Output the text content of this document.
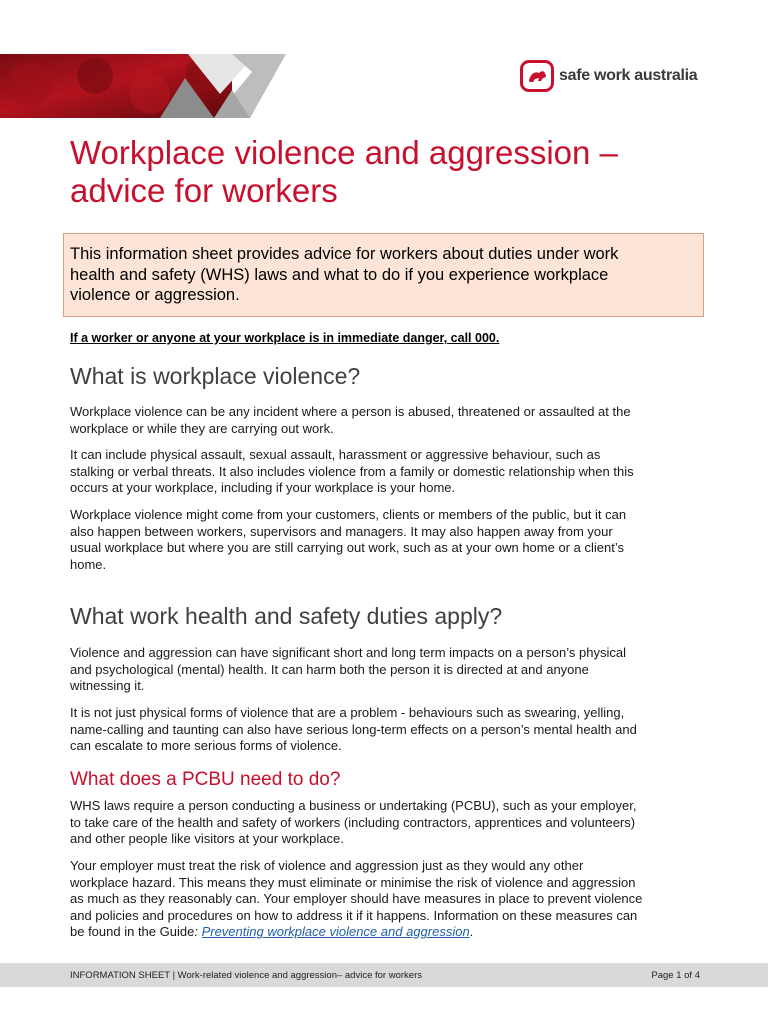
safe work australia
Workplace violence and aggression –
advice for workers
This information sheet provides advice for workers about duties under work
health and safety (WHS) laws and what to do if you experience workplace
violence or aggression.

If a worker or anyone at your workplace is in immediate danger, call 000.

What is workplace violence?

Workplace violence can be any incident where a person is abused, threatened or assaulted at the
workplace or while they are carrying out work.

It can include physical assault, sexual assault, harassment or aggressive behaviour, such as
stalking or verbal threats. It also includes violence from a family or domestic relationship when this
occurs at your workplace, including if your workplace is your home.

Workplace violence might come from your customers, clients or members of the public, but it can
also happen between workers, supervisors and managers. It may also happen away from your
usual workplace but where you are still carrying out work, such as at your own home or a client’s
home.

What work health and safety duties apply?

Violence and aggression can have significant short and long term impacts on a person’s physical
and psychological (mental) health. It can harm both the person it is directed at and anyone
witnessing it.

It is not just physical forms of violence that are a problem - behaviours such as swearing, yelling,
name-calling and taunting can also have serious long-term effects on a person’s mental health and
can escalate to more serious forms of violence.

What does a PCBU need to do?

WHS laws require a person conducting a business or undertaking (PCBU), such as your employer,
to take care of the health and safety of workers (including contractors, apprentices and volunteers)
and other people like visitors at your workplace.

Your employer must treat the risk of violence and aggression just as they would any other
workplace hazard. This means they must eliminate or minimise the risk of violence and aggression
as much as they reasonably can. Your employer should have measures in place to prevent violence
and policies and procedures on how to address it if it happens. Information on these measures can
be found in the Guide: Preventing workplace violence and aggression.

INFORMATION SHEET | Work-related violence and aggression– advice for workers	Page 1 of 4
